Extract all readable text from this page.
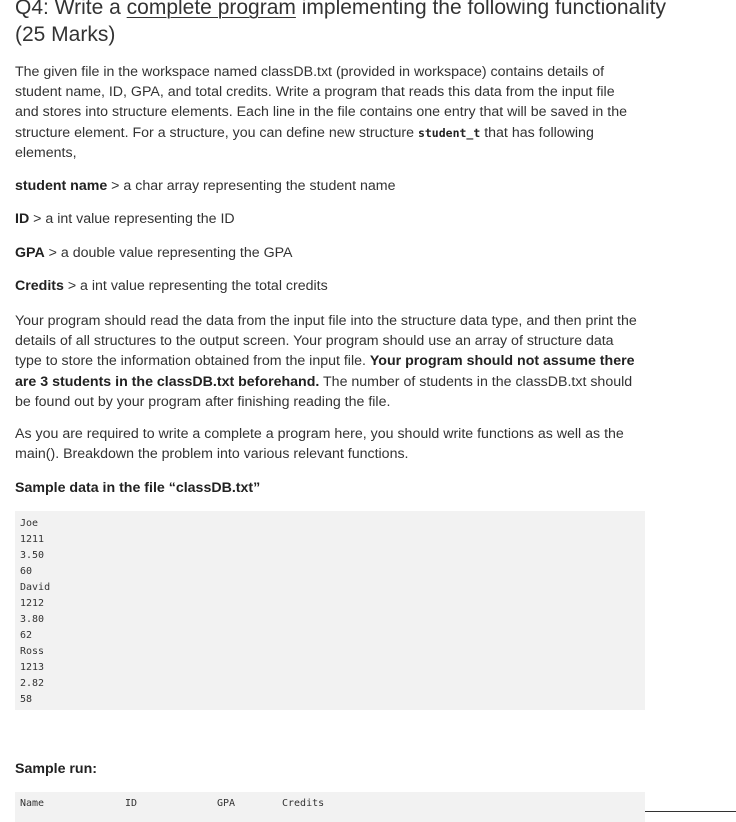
Q4: Write a complete program implementing the following functionality
(25 Marks)

The given file in the workspace named classDB.txt (provided in workspace) contains details of student name, ID, GPA, and total credits. Write a program that reads this data from the input file and stores into structure elements. Each line in the file contains one entry that will be saved in the structure element. For a structure, you can define new structure student_t that has following elements,

student name > a char array representing the student name

ID > a int value representing the ID

GPA > a double value representing the GPA

Credits > a int value representing the total credits

Your program should read the data from the input file into the structure data type, and then print the details of all structures to the output screen. Your program should use an array of structure data type to store the information obtained from the input file. Your program should not assume there are 3 students in the classDB.txt beforehand. The number of students in the classDB.txt should be found out by your program after finishing reading the file.

As you are required to write a complete a program here, you should write functions as well as the main(). Breakdown the problem into various relevant functions.

Sample data in the file “classDB.txt”

Joe
1211
3.50
60
David
1212
3.80
62
Ross
1213
2.82
58

Sample run:

Name	ID	GPA	Credits
